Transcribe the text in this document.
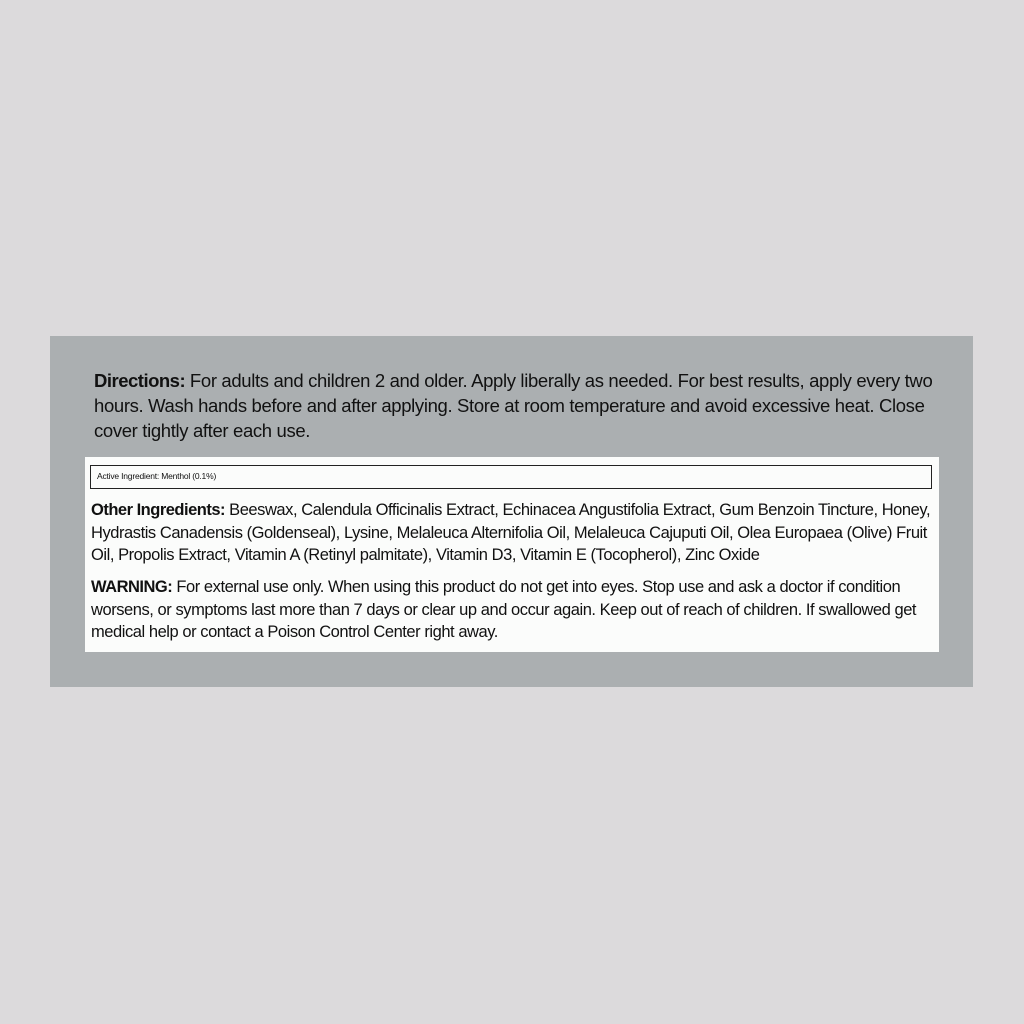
Directions: For adults and children 2 and older. Apply liberally as needed. For best results, apply every two hours. Wash hands before and after applying. Store at room temperature and avoid excessive heat. Close cover tightly after each use.

Active Ingredient: Menthol (0.1%)

Other Ingredients: Beeswax, Calendula Officinalis Extract, Echinacea Angustifolia Extract, Gum Benzoin Tincture, Honey, Hydrastis Canadensis (Goldenseal), Lysine, Melaleuca Alternifolia Oil, Melaleuca Cajuputi Oil, Olea Europaea (Olive) Fruit Oil, Propolis Extract, Vitamin A (Retinyl palmitate), Vitamin D3, Vitamin E (Tocopherol), Zinc Oxide

WARNING: For external use only. When using this product do not get into eyes. Stop use and ask a doctor if condition worsens, or symptoms last more than 7 days or clear up and occur again. Keep out of reach of children. If swallowed get medical help or contact a Poison Control Center right away.
